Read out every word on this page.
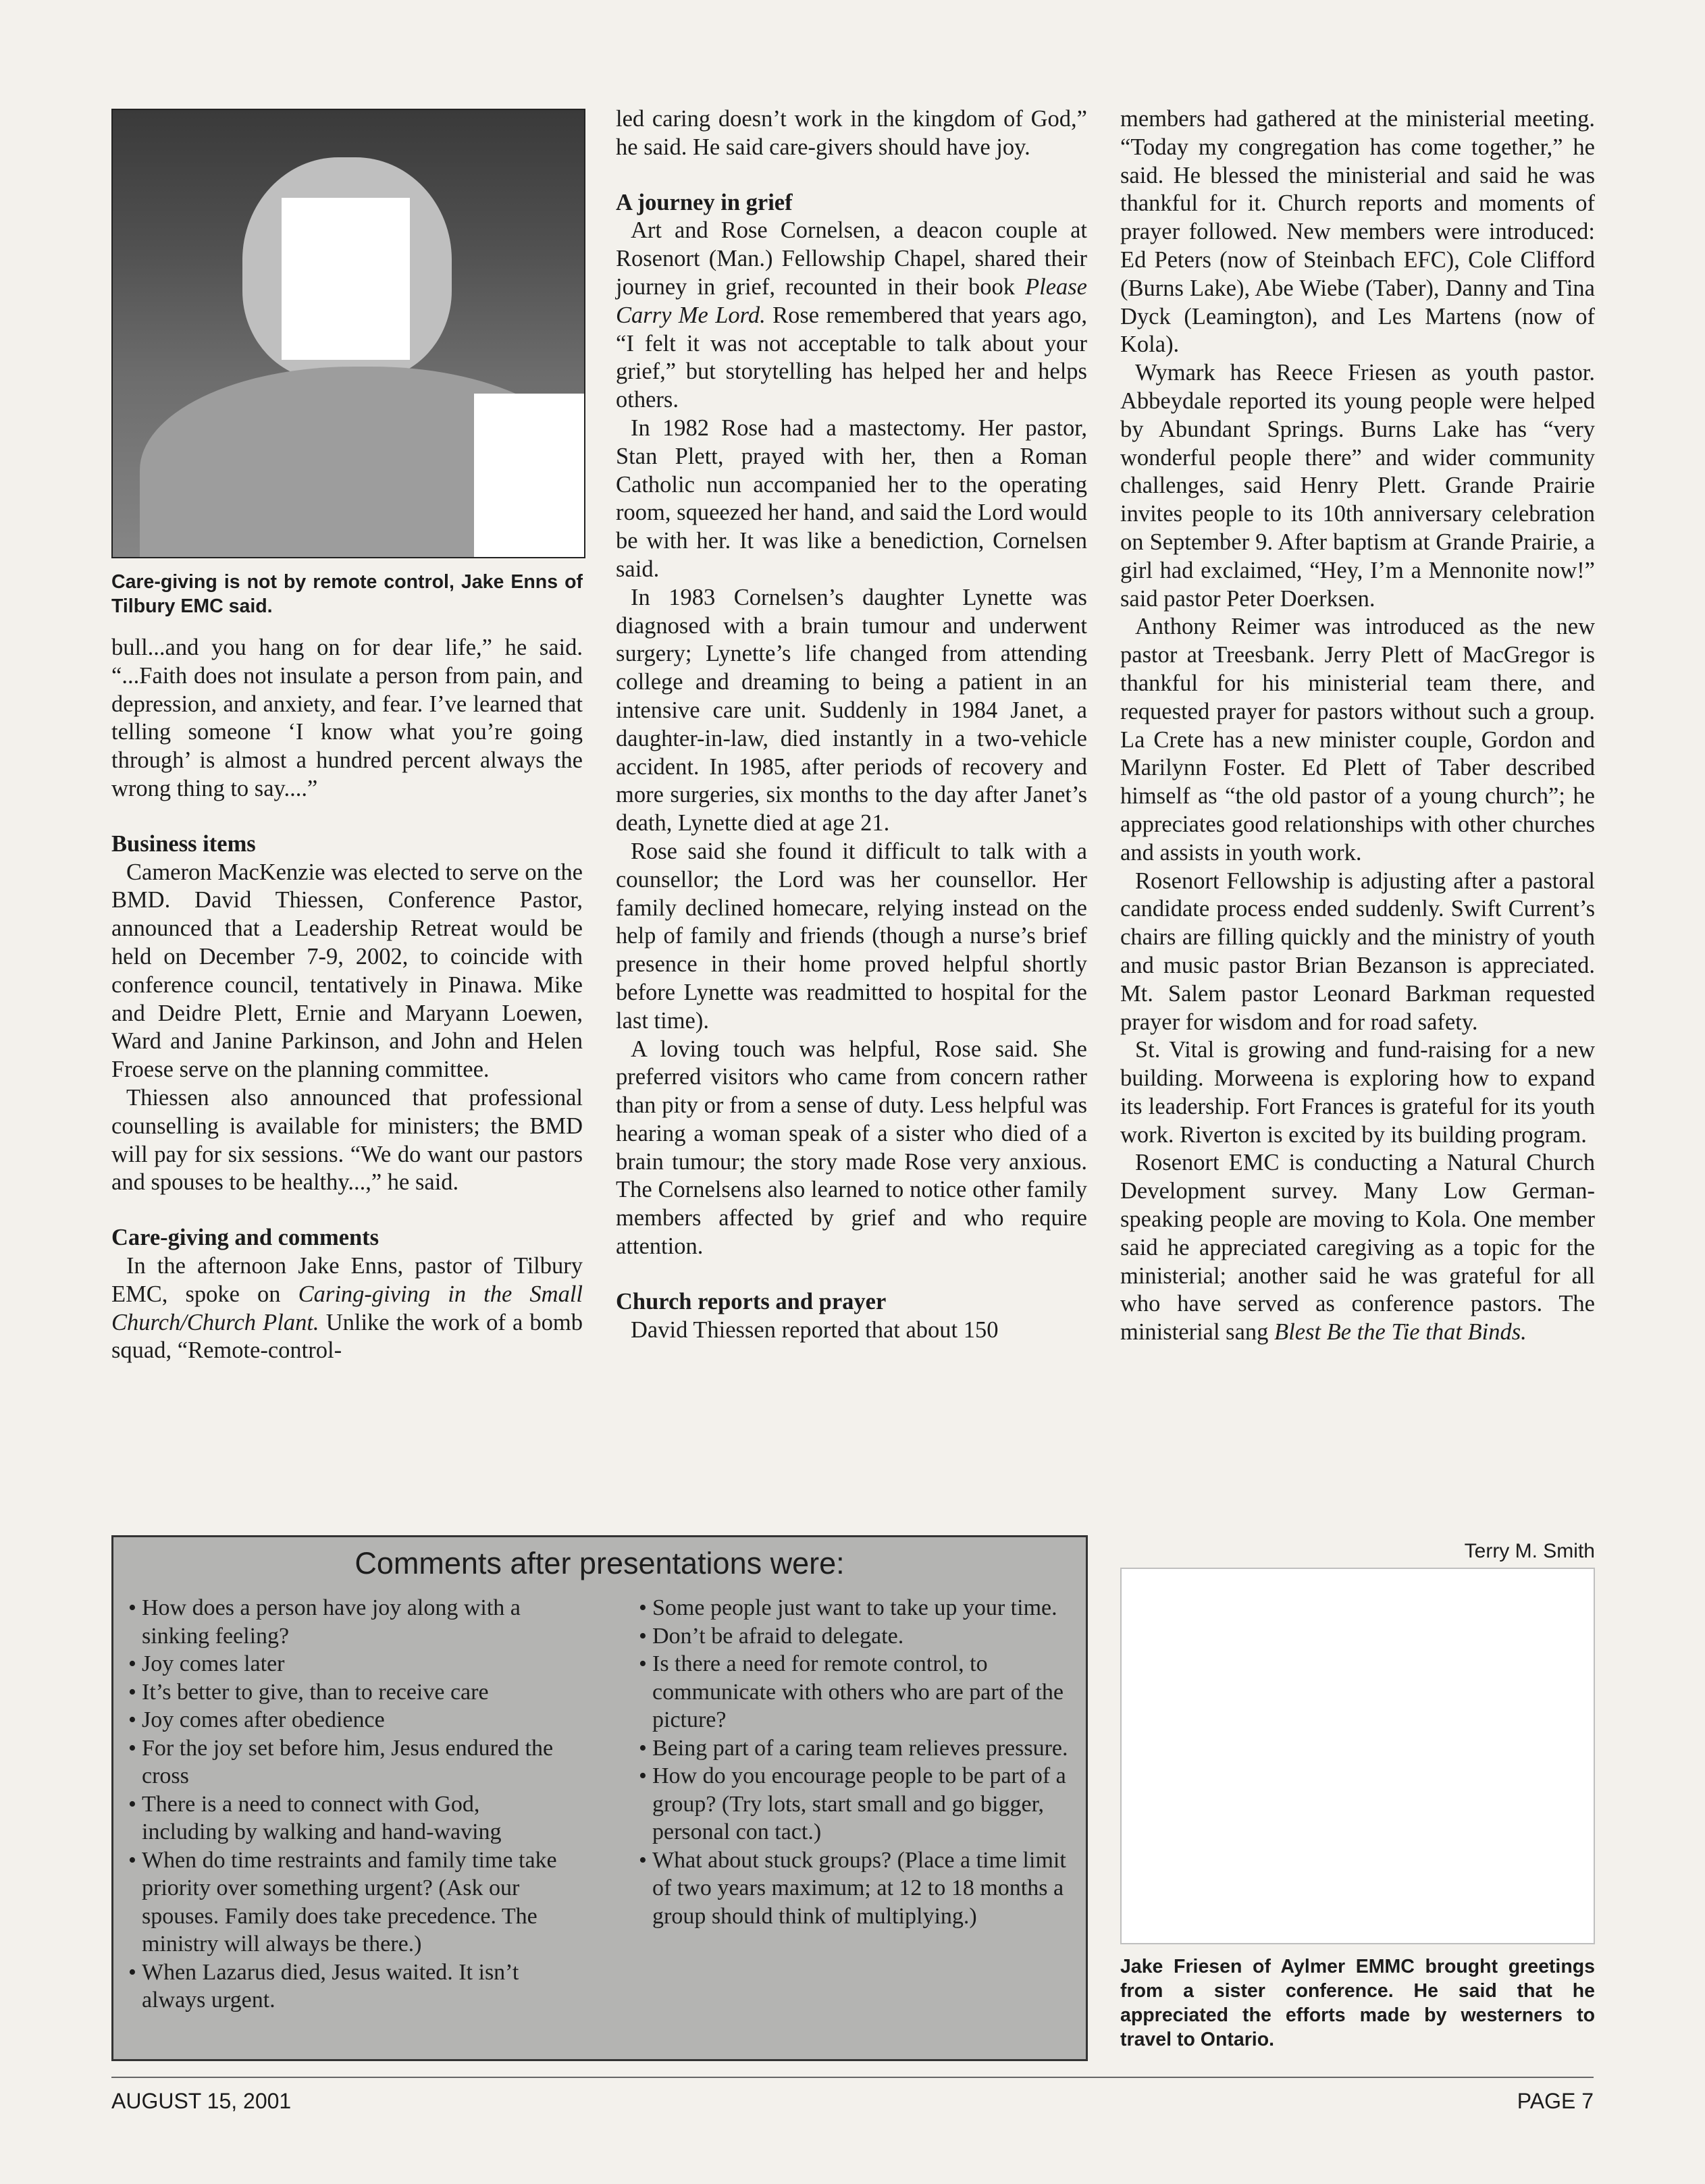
Care-giving is not by remote control, Jake Enns of Tilbury EMC said.

bull...and you hang on for dear life,” he said. “...Faith does not insulate a person from pain, and depression, and anxiety, and fear. I’ve learned that telling someone ‘I know what you’re going through’ is almost a hundred percent always the wrong thing to say....”

Business items

Cameron MacKenzie was elected to serve on the BMD. David Thiessen, Conference Pastor, announced that a Leadership Retreat would be held on December 7-9, 2002, to coincide with conference council, tentatively in Pinawa. Mike and Deidre Plett, Ernie and Maryann Loewen, Ward and Janine Parkinson, and John and Helen Froese serve on the planning committee.

Thiessen also announced that professional counselling is available for ministers; the BMD will pay for six sessions. “We do want our pastors and spouses to be healthy...,” he said.

Care-giving and comments

In the afternoon Jake Enns, pastor of Tilbury EMC, spoke on Caring-giving in the Small Church/Church Plant. Unlike the work of a bomb squad, “Remote-control-

led caring doesn’t work in the kingdom of God,” he said. He said care-givers should have joy.

A journey in grief

Art and Rose Cornelsen, a deacon couple at Rosenort (Man.) Fellowship Chapel, shared their journey in grief, recounted in their book Please Carry Me Lord. Rose remembered that years ago, “I felt it was not acceptable to talk about your grief,” but storytelling has helped her and helps others.

In 1982 Rose had a mastectomy. Her pastor, Stan Plett, prayed with her, then a Roman Catholic nun accompanied her to the operating room, squeezed her hand, and said the Lord would be with her. It was like a benediction, Cornelsen said.

In 1983 Cornelsen’s daughter Lynette was diagnosed with a brain tumour and underwent surgery; Lynette’s life changed from attending college and dreaming to being a patient in an intensive care unit. Suddenly in 1984 Janet, a daughter-in-law, died instantly in a two-vehicle accident. In 1985, after periods of recovery and more surgeries, six months to the day after Janet’s death, Lynette died at age 21.

Rose said she found it difficult to talk with a counsellor; the Lord was her counsellor. Her family declined homecare, relying instead on the help of family and friends (though a nurse’s brief presence in their home proved helpful shortly before Lynette was readmitted to hospital for the last time).

A loving touch was helpful, Rose said. She preferred visitors who came from concern rather than pity or from a sense of duty. Less helpful was hearing a woman speak of a sister who died of a brain tumour; the story made Rose very anxious. The Cornelsens also learned to notice other family members affected by grief and who require attention.

Church reports and prayer

David Thiessen reported that about 150

members had gathered at the ministerial meeting. “Today my congregation has come together,” he said. He blessed the ministerial and said he was thankful for it. Church reports and moments of prayer followed. New members were introduced: Ed Peters (now of Steinbach EFC), Cole Clifford (Burns Lake), Abe Wiebe (Taber), Danny and Tina Dyck (Leamington), and Les Martens (now of Kola).

Wymark has Reece Friesen as youth pastor. Abbeydale reported its young people were helped by Abundant Springs. Burns Lake has “very wonderful people there” and wider community challenges, said Henry Plett. Grande Prairie invites people to its 10th anniversary celebration on September 9. After baptism at Grande Prairie, a girl had exclaimed, “Hey, I’m a Mennonite now!” said pastor Peter Doerksen.

Anthony Reimer was introduced as the new pastor at Treesbank. Jerry Plett of MacGregor is thankful for his ministerial team there, and requested prayer for pastors without such a group. La Crete has a new minister couple, Gordon and Marilynn Foster. Ed Plett of Taber described himself as “the old pastor of a young church”; he appreciates good relationships with other churches and assists in youth work.

Rosenort Fellowship is adjusting after a pastoral candidate process ended suddenly. Swift Current’s chairs are filling quickly and the ministry of youth and music pastor Brian Bezanson is appreciated. Mt. Salem pastor Leonard Barkman requested prayer for wisdom and for road safety.

St. Vital is growing and fund-raising for a new building. Morweena is exploring how to expand its leadership. Fort Frances is grateful for its youth work. Riverton is excited by its building program.

Rosenort EMC is conducting a Natural Church Development survey. Many Low German-speaking people are moving to Kola. One member said he appreciated caregiving as a topic for the ministerial; another said he was grateful for all who have served as conference pastors. The ministerial sang Blest Be the Tie that Binds.

Terry M. Smith
Comments after presentations were:
• How does a person have joy along with a sinking feeling?
• Joy comes later
• It’s better to give, than to receive care
• Joy comes after obedience
• For the joy set before him, Jesus endured the cross
• There is a need to connect with God, including by walking and hand-waving
• When do time restraints and family time take priority over something urgent? (Ask our spouses. Family does take precedence. The ministry will always be there.)
• When Lazarus died, Jesus waited. It isn’t always urgent.
• Some people just want to take up your time.
• Don’t be afraid to delegate.
• Is there a need for remote control, to communicate with others who are part of the picture?
• Being part of a caring team relieves pressure.
• How do you encourage people to be part of a group? (Try lots, start small and go bigger, personal con tact.)
• What about stuck groups? (Place a time limit of two years maximum; at 12 to 18 months a group should think of multiplying.)
Jake Friesen of Aylmer EMMC brought greetings from a sister conference. He said that he appreciated the efforts made by westerners to travel to Ontario.
AUGUST 15, 2001	PAGE 7
